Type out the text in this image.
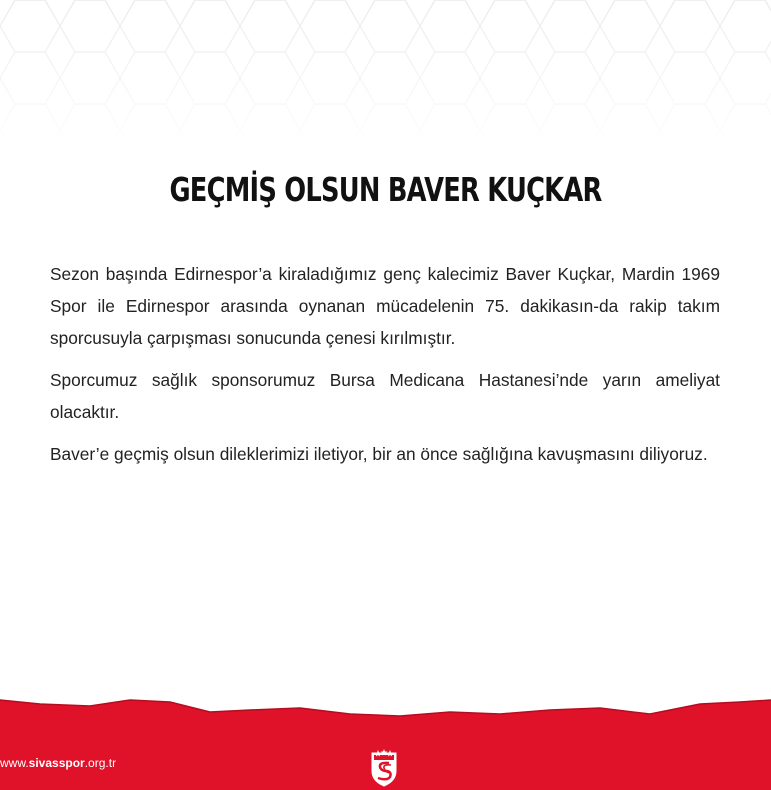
GEÇMİŞ OLSUN BAVER KUÇKAR

Sezon başında Edirnespor’a kiraladığımız genç kalecimiz Baver Kuçkar, Mardin 1969 Spor ile Edirnespor arasında oynanan mücadelenin 75. dakikasın-da rakip takım sporcusuyla çarpışması sonucunda çenesi kırılmıştır.

Sporcumuz sağlık sponsorumuz Bursa Medicana Hastanesi’nde yarın ameliyat olacaktır.

Baver’e geçmiş olsun dileklerimizi iletiyor, bir an önce sağlığına kavuşmasını diliyoruz.

www.sivasspor.org.tr
